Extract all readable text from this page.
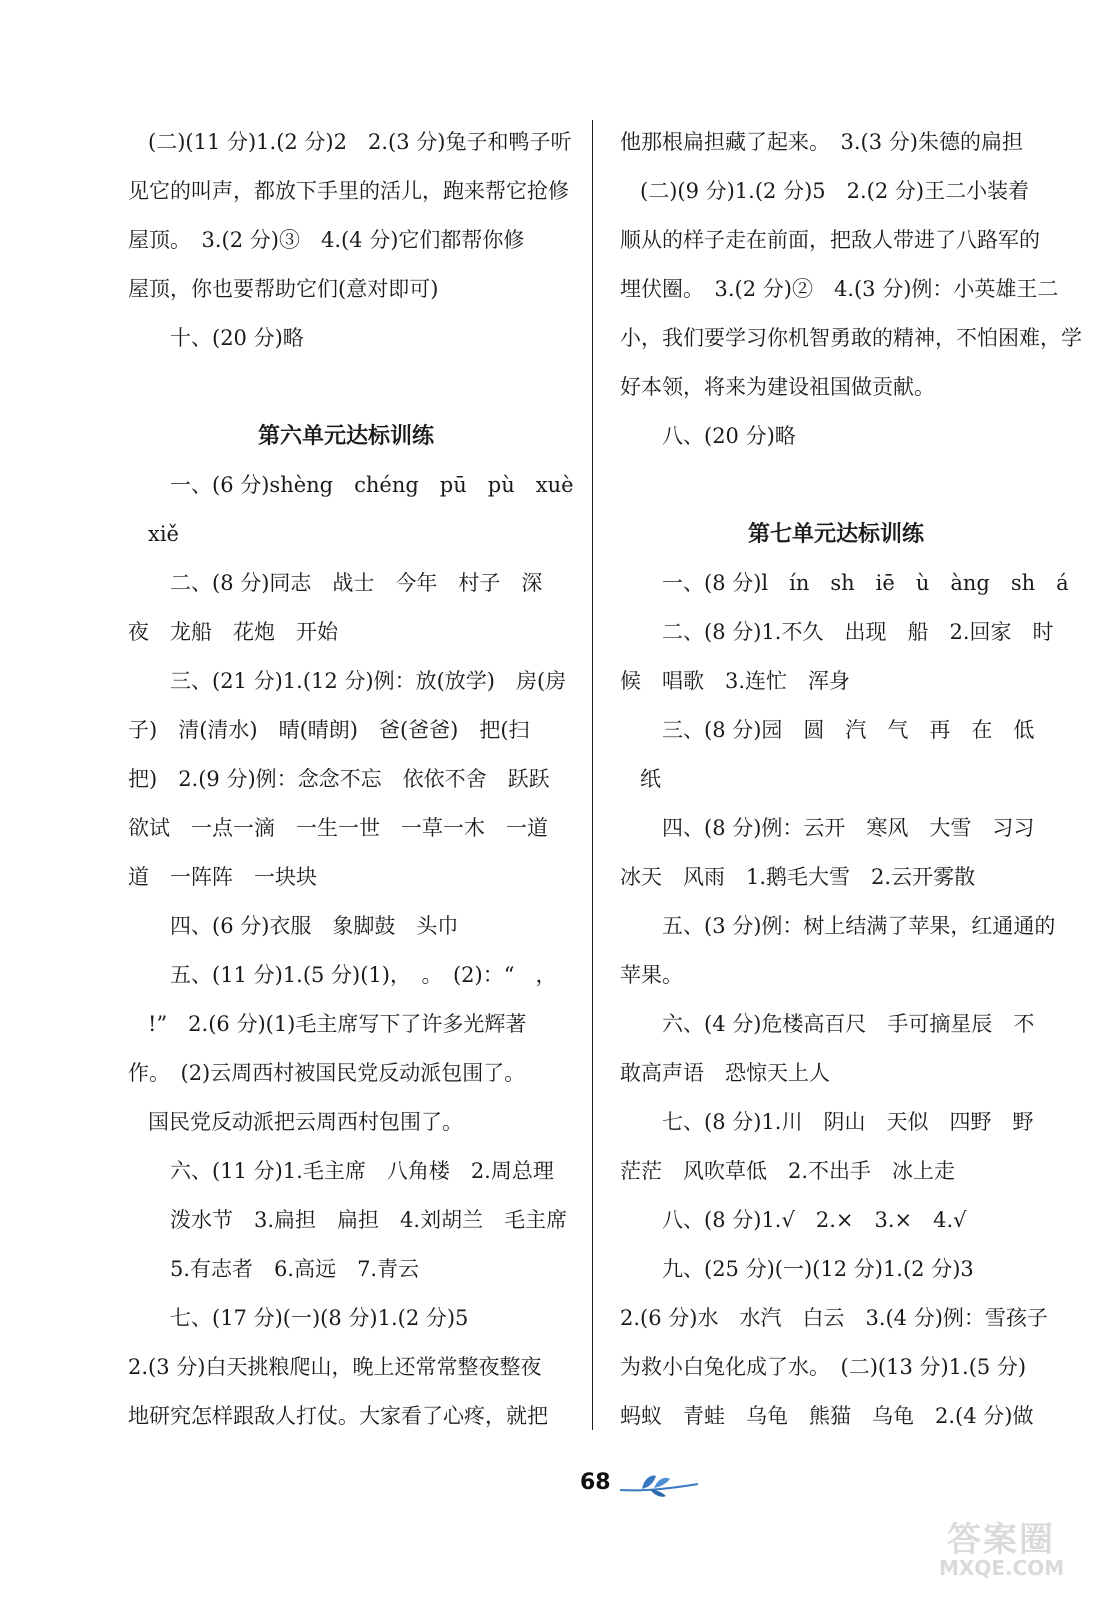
(二)(11 分)1.(2 分)2　2.(3 分)兔子和鸭子听
见它的叫声，都放下手里的活儿，跑来帮它抢修
屋顶。　3.(2 分)③　4.(4 分)它们都帮你修
屋顶，你也要帮助它们(意对即可)
十、(20 分)略
第六单元达标训练
一、(6 分)shèng　chéng　pū　pù　xuè
xiě
二、(8 分)同志　战士　今年　村子　深
夜　龙船　花炮　开始
三、(21 分)1.(12 分)例：放(放学)　房(房
子)　清(清水)　晴(晴朗)　爸(爸爸)　把(扫
把)　2.(9 分)例：念念不忘　依依不舍　跃跃
欲试　一点一滴　一生一世　一草一木　一道
道　一阵阵　一块块
四、(6 分)衣服　象脚鼓　头巾
五、(11 分)1.(5 分)(1)，　。　(2)：“　，
!”　2.(6 分)(1)毛主席写下了许多光辉著
作。　(2)云周西村被国民党反动派包围了。
国民党反动派把云周西村包围了。
六、(11 分)1.毛主席　八角楼　2.周总理
泼水节　3.扁担　扁担　4.刘胡兰　毛主席
5.有志者　6.高远　7.青云
七、(17 分)(一)(8 分)1.(2 分)5
2.(3 分)白天挑粮爬山，晚上还常常整夜整夜
地研究怎样跟敌人打仗。大家看了心疼，就把
他那根扁担藏了起来。　3.(3 分)朱德的扁担
(二)(9 分)1.(2 分)5　2.(2 分)王二小装着
顺从的样子走在前面，把敌人带进了八路军的
埋伏圈。　3.(2 分)②　4.(3 分)例：小英雄王二
小，我们要学习你机智勇敢的精神，不怕困难，学
好本领，将来为建设祖国做贡献。
八、(20 分)略
第七单元达标训练
一、(8 分)l　ín　sh　iē　ù　àng　sh　á
二、(8 分)1.不久　出现　船　2.回家　时
候　唱歌　3.连忙　浑身
三、(8 分)园　圆　汽　气　再　在　低
纸
四、(8 分)例：云开　寒风　大雪　习习
冰天　风雨　1.鹅毛大雪　2.云开雾散
五、(3 分)例：树上结满了苹果，红通通的
苹果。
六、(4 分)危楼高百尺　手可摘星辰　不
敢高声语　恐惊天上人
七、(8 分)1.川　阴山　天似　四野　野
茫茫　风吹草低　2.不出手　冰上走
八、(8 分)1.√　2.×　3.×　4.√
九、(25 分)(一)(12 分)1.(2 分)3
2.(6 分)水　水汽　白云　3.(4 分)例：雪孩子
为救小白兔化成了水。　(二)(13 分)1.(5 分)
蚂蚁　青蛙　乌龟　熊猫　乌龟　2.(4 分)做
68
答案圈
MXQE.COM
